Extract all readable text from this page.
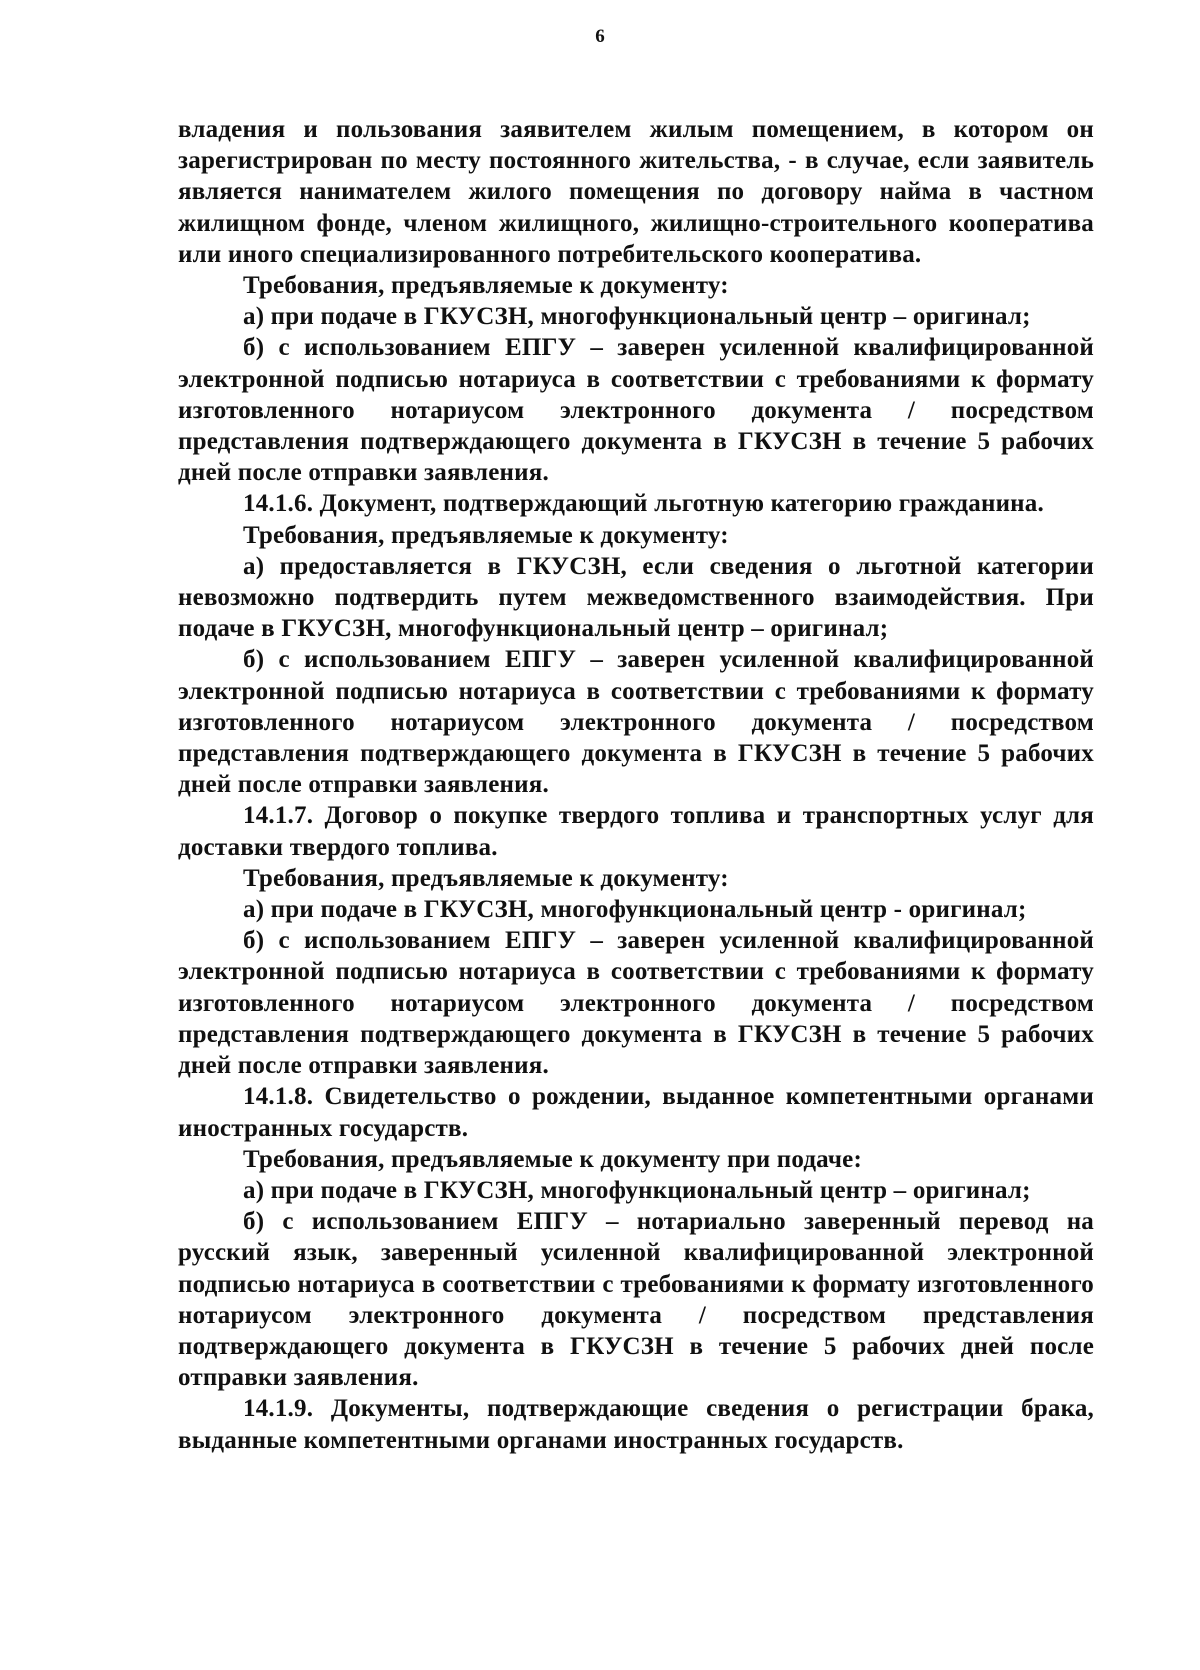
6

владения и пользования заявителем жилым помещением, в котором он зарегистрирован по месту постоянного жительства, - в случае, если заявитель является нанимателем жилого помещения по договору найма в частном жилищном фонде, членом жилищного, жилищно-строительного кооператива или иного специализированного потребительского кооператива.

Требования, предъявляемые к документу:

а) при подаче в ГКУСЗН, многофункциональный центр – оригинал;

б) с использованием ЕПГУ – заверен усиленной квалифицированной электронной подписью нотариуса в соответствии с требованиями к формату изготовленного нотариусом электронного документа / посредством представления подтверждающего документа в ГКУСЗН в течение 5 рабочих дней после отправки заявления.

14.1.6. Документ, подтверждающий льготную категорию гражданина.

Требования, предъявляемые к документу:

а) предоставляется в ГКУСЗН, если сведения о льготной категории невозможно подтвердить путем межведомственного взаимодействия. При подаче в ГКУСЗН, многофункциональный центр – оригинал;

б) с использованием ЕПГУ – заверен усиленной квалифицированной электронной подписью нотариуса в соответствии с требованиями к формату изготовленного нотариусом электронного документа / посредством представления подтверждающего документа в ГКУСЗН в течение 5 рабочих дней после отправки заявления.

14.1.7. Договор о покупке твердого топлива и транспортных услуг для доставки твердого топлива.

Требования, предъявляемые к документу:

а) при подаче в ГКУСЗН, многофункциональный центр - оригинал;

б) с использованием ЕПГУ – заверен усиленной квалифицированной электронной подписью нотариуса в соответствии с требованиями к формату изготовленного нотариусом электронного документа / посредством представления подтверждающего документа в ГКУСЗН в течение 5 рабочих дней после отправки заявления.

14.1.8. Свидетельство о рождении, выданное компетентными органами иностранных государств.

Требования, предъявляемые к документу при подаче:

а) при подаче в ГКУСЗН, многофункциональный центр – оригинал;

б) с использованием ЕПГУ – нотариально заверенный перевод на русский язык, заверенный усиленной квалифицированной электронной подписью нотариуса в соответствии с требованиями к формату изготовленного нотариусом электронного документа / посредством представления подтверждающего документа в ГКУСЗН в течение 5 рабочих дней после отправки заявления.

14.1.9. Документы, подтверждающие сведения о регистрации брака, выданные компетентными органами иностранных государств.
